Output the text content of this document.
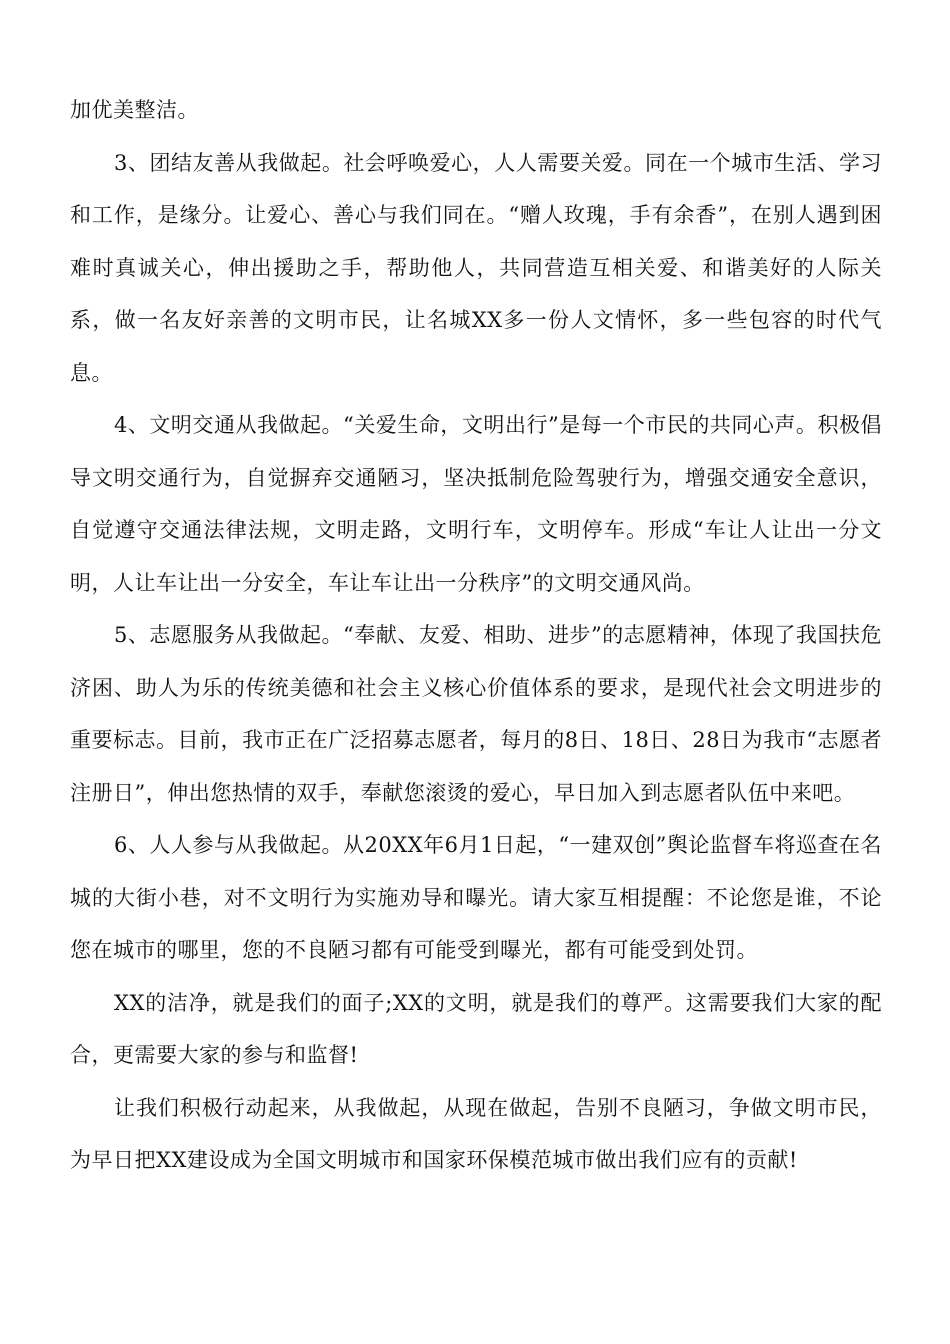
加优美整洁。

3、团结友善从我做起。社会呼唤爱心，人人需要关爱。同在一个城市生活、学习和工作，是缘分。让爱心、善心与我们同在。“赠人玫瑰，手有余香”，在别人遇到困难时真诚关心，伸出援助之手，帮助他人，共同营造互相关爱、和谐美好的人际关系，做一名友好亲善的文明市民，让名城XX多一份人文情怀，多一些包容的时代气息。

4、文明交通从我做起。“关爱生命，文明出行”是每一个市民的共同心声。积极倡导文明交通行为，自觉摒弃交通陋习，坚决抵制危险驾驶行为，增强交通安全意识，自觉遵守交通法律法规，文明走路，文明行车，文明停车。形成“车让人让出一分文明，人让车让出一分安全，车让车让出一分秩序”的文明交通风尚。

5、志愿服务从我做起。“奉献、友爱、相助、进步”的志愿精神，体现了我国扶危济困、助人为乐的传统美德和社会主义核心价值体系的要求，是现代社会文明进步的重要标志。目前，我市正在广泛招募志愿者，每月的8日、18日、28日为我市“志愿者注册日”，伸出您热情的双手，奉献您滚烫的爱心，早日加入到志愿者队伍中来吧。

6、人人参与从我做起。从20XX年6月1日起，“一建双创”舆论监督车将巡查在名城的大街小巷，对不文明行为实施劝导和曝光。请大家互相提醒：不论您是谁，不论您在城市的哪里，您的不良陋习都有可能受到曝光，都有可能受到处罚。

XX的洁净，就是我们的面子;XX的文明，就是我们的尊严。这需要我们大家的配合，更需要大家的参与和监督!

让我们积极行动起来，从我做起，从现在做起，告别不良陋习，争做文明市民，为早日把XX建设成为全国文明城市和国家环保模范城市做出我们应有的贡献!
